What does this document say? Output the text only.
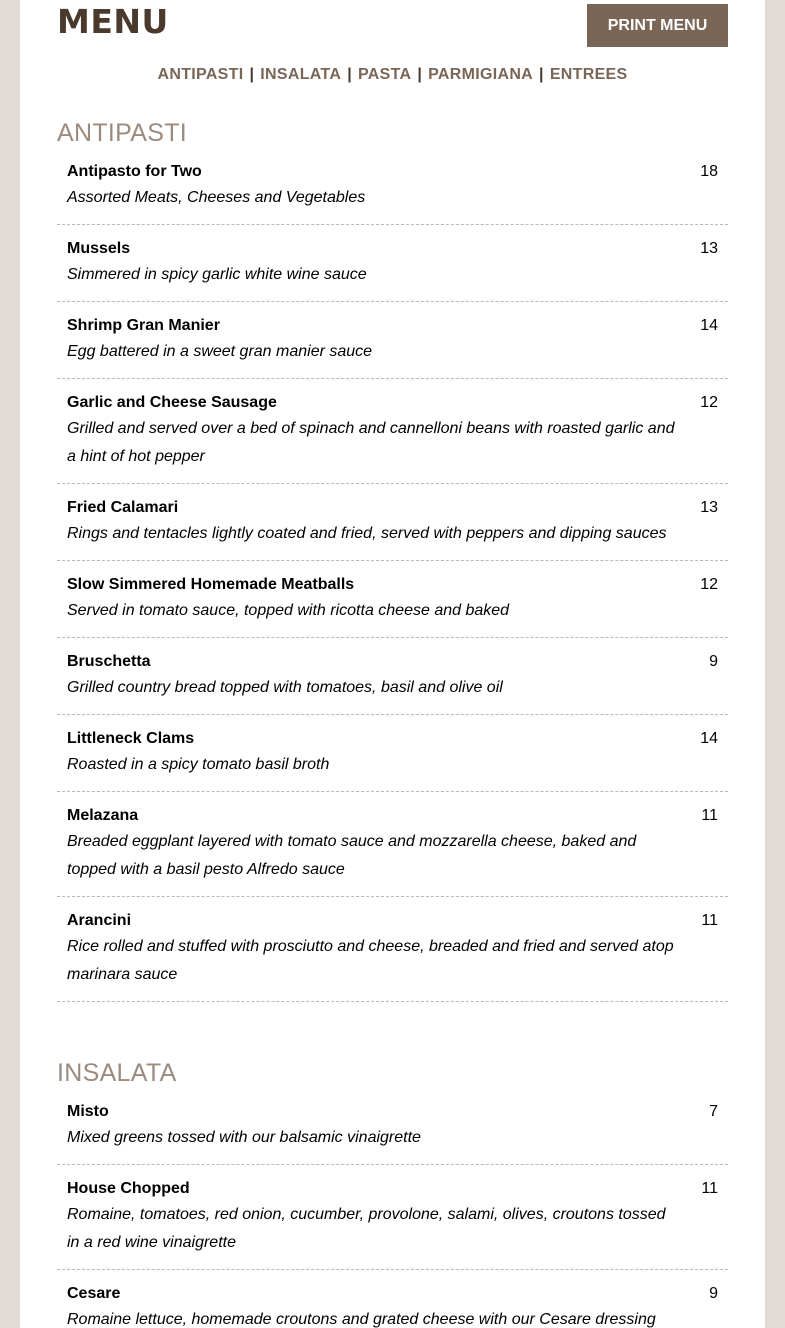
MENU	PRINT MENU
ANTIPASTI | INSALATA | PASTA | PARMIGIANA | ENTREES
ANTIPASTI
Antipasto for Two	18
Assorted Meats, Cheeses and Vegetables
Mussels	13
Simmered in spicy garlic white wine sauce
Shrimp Gran Manier	14
Egg battered in a sweet gran manier sauce
Garlic and Cheese Sausage	12
Grilled and served over a bed of spinach and cannelloni beans with roasted garlic and a hint of hot pepper
Fried Calamari	13
Rings and tentacles lightly coated and fried, served with peppers and dipping sauces
Slow Simmered Homemade Meatballs	12
Served in tomato sauce, topped with ricotta cheese and baked
Bruschetta	9
Grilled country bread topped with tomatoes, basil and olive oil
Littleneck Clams	14
Roasted in a spicy tomato basil broth
Melazana	11
Breaded eggplant layered with tomato sauce and mozzarella cheese, baked and topped with a basil pesto Alfredo sauce
Arancini	11
Rice rolled and stuffed with prosciutto and cheese, breaded and fried and served atop marinara sauce
INSALATA
Misto	7
Mixed greens tossed with our balsamic vinaigrette
House Chopped	11
Romaine, tomatoes, red onion, cucumber, provolone, salami, olives, croutons tossed in a red wine vinaigrette
Cesare	9
Romaine lettuce, homemade croutons and grated cheese with our Cesare dressing
